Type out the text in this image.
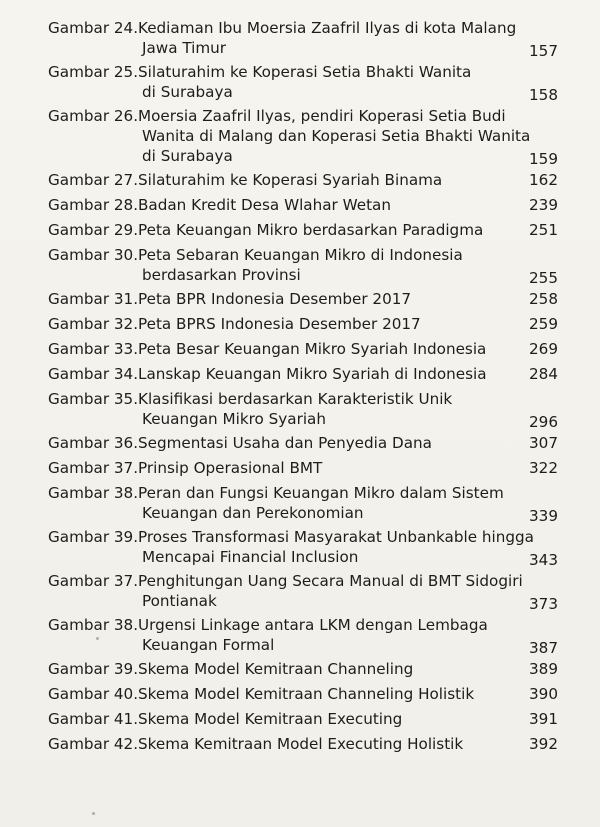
Gambar 24. Kediaman Ibu Moersia Zaafril Ilyas di kota Malang
Jawa Timur	157
Gambar 25. Silaturahim ke Koperasi Setia Bhakti Wanita
di Surabaya	158
Gambar 26. Moersia Zaafril Ilyas, pendiri Koperasi Setia Budi
Wanita di Malang dan Koperasi Setia Bhakti Wanita
di Surabaya	159
Gambar 27. Silaturahim ke Koperasi Syariah Binama	162
Gambar 28. Badan Kredit Desa Wlahar Wetan	239
Gambar 29. Peta Keuangan Mikro berdasarkan Paradigma	251
Gambar 30. Peta Sebaran Keuangan Mikro di Indonesia
berdasarkan Provinsi	255
Gambar 31. Peta BPR Indonesia Desember 2017	258
Gambar 32. Peta BPRS Indonesia Desember 2017	259
Gambar 33. Peta Besar Keuangan Mikro Syariah Indonesia	269
Gambar 34. Lanskap Keuangan Mikro Syariah di Indonesia	284
Gambar 35. Klasifikasi berdasarkan Karakteristik Unik
Keuangan Mikro Syariah	296
Gambar 36. Segmentasi Usaha dan Penyedia Dana	307
Gambar 37. Prinsip Operasional BMT	322
Gambar 38. Peran dan Fungsi Keuangan Mikro dalam Sistem
Keuangan dan Perekonomian	339
Gambar 39. Proses Transformasi Masyarakat Unbankable hingga
Mencapai Financial Inclusion	343
Gambar 37. Penghitungan Uang Secara Manual di BMT Sidogiri
Pontianak	373
Gambar 38. Urgensi Linkage antara LKM dengan Lembaga
Keuangan Formal	387
Gambar 39. Skema Model Kemitraan Channeling	389
Gambar 40. Skema Model Kemitraan Channeling Holistik	390
Gambar 41. Skema Model Kemitraan Executing	391
Gambar 42. Skema Kemitraan Model Executing Holistik	392
